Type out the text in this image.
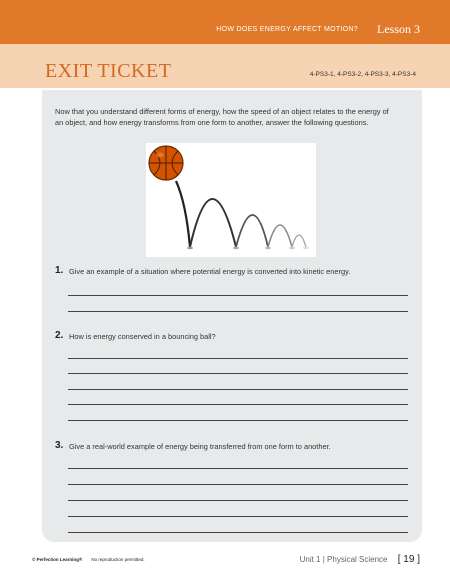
HOW DOES ENERGY AFFECT MOTION? Lesson 3
EXIT TICKET	4-PS3-1, 4-PS3-2, 4-PS3-3, 4-PS3-4

Now that you understand different forms of energy, how the speed of an object relates to the energy of an object, and how energy transforms from one form to another, answer the following questions.

1. Give an example of a situation where potential energy is converted into kinetic energy.
2. How is energy conserved in a bouncing ball?
3. Give a real-world example of energy being transferred from one form to another.
© Perfection Learning® No reproduction permitted.	Unit 1 | Physical Science [ 19 ]
